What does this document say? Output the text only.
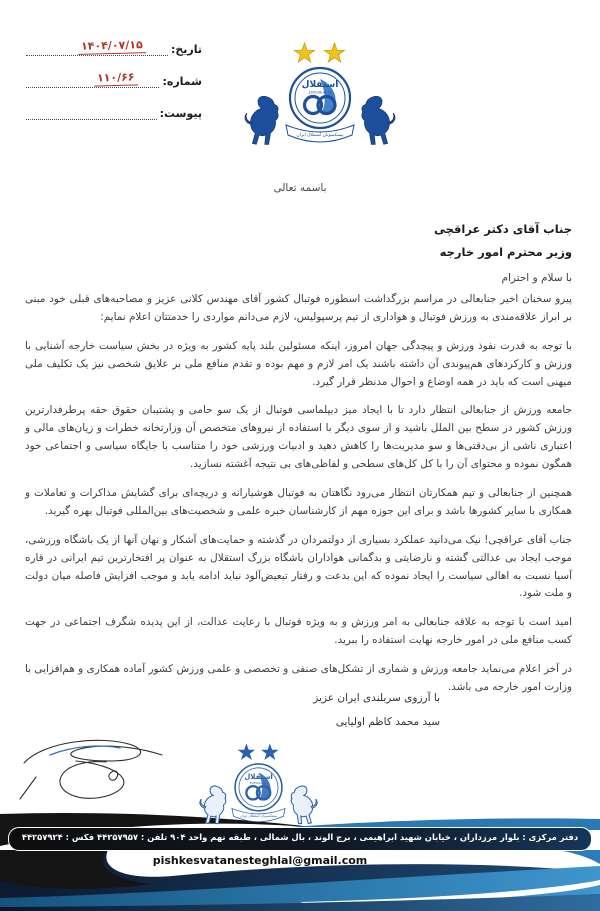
تاریخ:
۱۴۰۴/۰۷/۱۵
شماره:
۱۱۰/۶۶
پیوست:
استقلال
ESTEGHLAL F.C.
پیشکسوتان استقلال ایران
باسمه تعالی
جناب آقای دکتر عراقچی
وزیر محترم امور خارجه
با سلام و احترام

پیرو سخنان اخیر جنابعالی در مراسم بزرگداشت اسطوره فوتبال کشور آقای مهندس کلانی عزیز و مصاحبه‌های قبلی خود مبنی بر ابراز علاقه‌مندی به ورزش فوتبال و هواداری از تیم پرسپولیس، لازم می‌دانم مواردی را خدمتتان اعلام نمایم:

با توجه به قدرت نفوذ ورزش و پیچدگی جهان امروز، اینکه مسئولین بلند پایه کشور به ویژه در بخش سیاست خارجه آشنایی با ورزش و کارکردهای هم‌پیوندی آن داشته باشند یک امر لازم و مهم بوده و تقدم منافع ملی بر علایق شخصی نیز یک تکلیف ملی میهنی است که باید در همه اوضاع و احوال مدنظر قرار گیرد.

جامعه ورزش از جنابعالی انتظار دارد تا با ایجاد میز دیپلماسی فوتبال از یک سو حامی و پشتیبان حقوق حقه پرطرفدارترین ورزش کشور در سطح بین الملل باشید و از سوی دیگر با استفاده از نیروهای متخصص آن وزارتخانه خطرات و زیان‌های مالی و اعتباری ناشی از بی‌دقتی‌ها و سو مدیریت‌ها را کاهش دهید و ادبیات ورزشی خود را متناسب با جایگاه سیاسی و اجتماعی خود همگون نموده و محتوای آن را با کل کل‌های سطحی و لفاظی‌های بی نتیجه آغشته نسازید.

همچنین از جنابعالی و تیم همکارتان انتظار می‌رود نگاهتان به فوتبال هوشیارانه و دریچه‌ای برای گشایش مذاکرات و تعاملات و همکاری با سایر کشورها باشد و برای این حوزه مهم از کارشناسان خبره علمی و شخصیت‌های بین‌المللی فوتبال بهره گیرید.

جناب آقای عراقچی! نیک می‌دانید عملکرد بسیاری از دولتمردان در گذشته و حمایت‌های آشکار و نهان آنها از یک باشگاه ورزشی، موجب ایجاد بی عدالتی گشته و نارضایتی و بدگمانی هواداران باشگاه بزرگ استقلال به عنوان پر افتخارترین تیم ایرانی در قاره آسیا نسبت به اهالی سیاست را ایجاد نموده که این بدعت و رفتار تبعیض‌آلود نباید ادامه یابد و موجب افزایش فاصله میان دولت و ملت شود.

امید است با توجه به علاقه جنابعالی به امر ورزش و به ویژه فوتبال با رعایت عدالت، از این پدیده شگرف اجتماعی در جهت کسب منافع ملی در امور خارجه نهایت استفاده را ببرید.

در آخر اعلام می‌نماید جامعه ورزش و شماری از تشکل‌های صنفی و تخصصی و علمی ورزش کشور آماده همکاری و هم‌افزایی با وزارت امور خارجه می باشد.

با آرزوی سربلندی ایران عزیز
سید محمد کاظم اولیایی
استقلال
ESTEGHLAL F.C.
پیشکسوتان استقلال ایران
دفتر مرکزی : بلوار مرزداران ، خیابان شهید ابراهیمی ، برج الوند ، بال شمالی ، طبقه نهم واحد ۹۰۴ تلفن : ۴۴۲۵۷۹۵۷ فکس : ۴۴۲۵۷۹۲۴
pishkesvatanesteghlal@gmail.com
